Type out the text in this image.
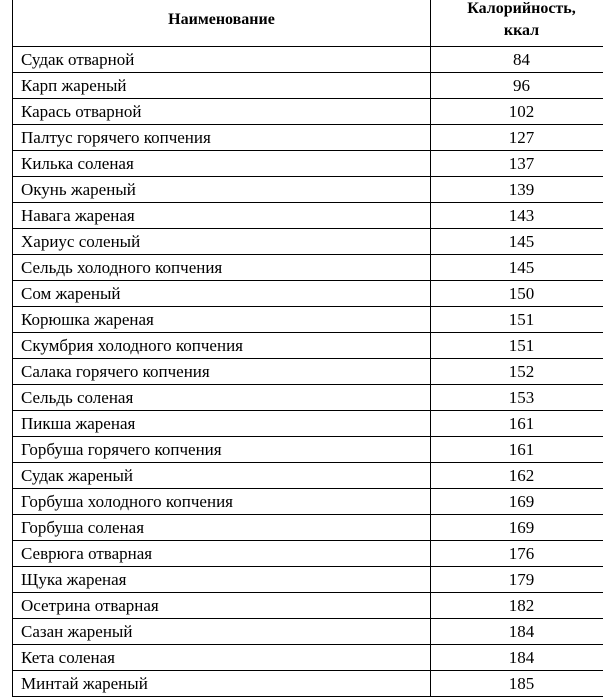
Наименование	Калорийность,
ккал

Судак отварной	84
Карп жареный	96
Карась отварной	102
Палтус горячего копчения	127
Килька соленая	137
Окунь жареный	139
Навага жареная	143
Хариус соленый	145
Сельдь холодного копчения	145
Сом жареный	150
Корюшка жареная	151
Скумбрия холодного копчения	151
Салака горячего копчения	152
Сельдь соленая	153
Пикша жареная	161
Горбуша горячего копчения	161
Судак жареный	162
Горбуша холодного копчения	169
Горбуша соленая	169
Севрюга отварная	176
Щука жареная	179
Осетрина отварная	182
Сазан жареный	184
Кета соленая	184
Минтай жареный	185
